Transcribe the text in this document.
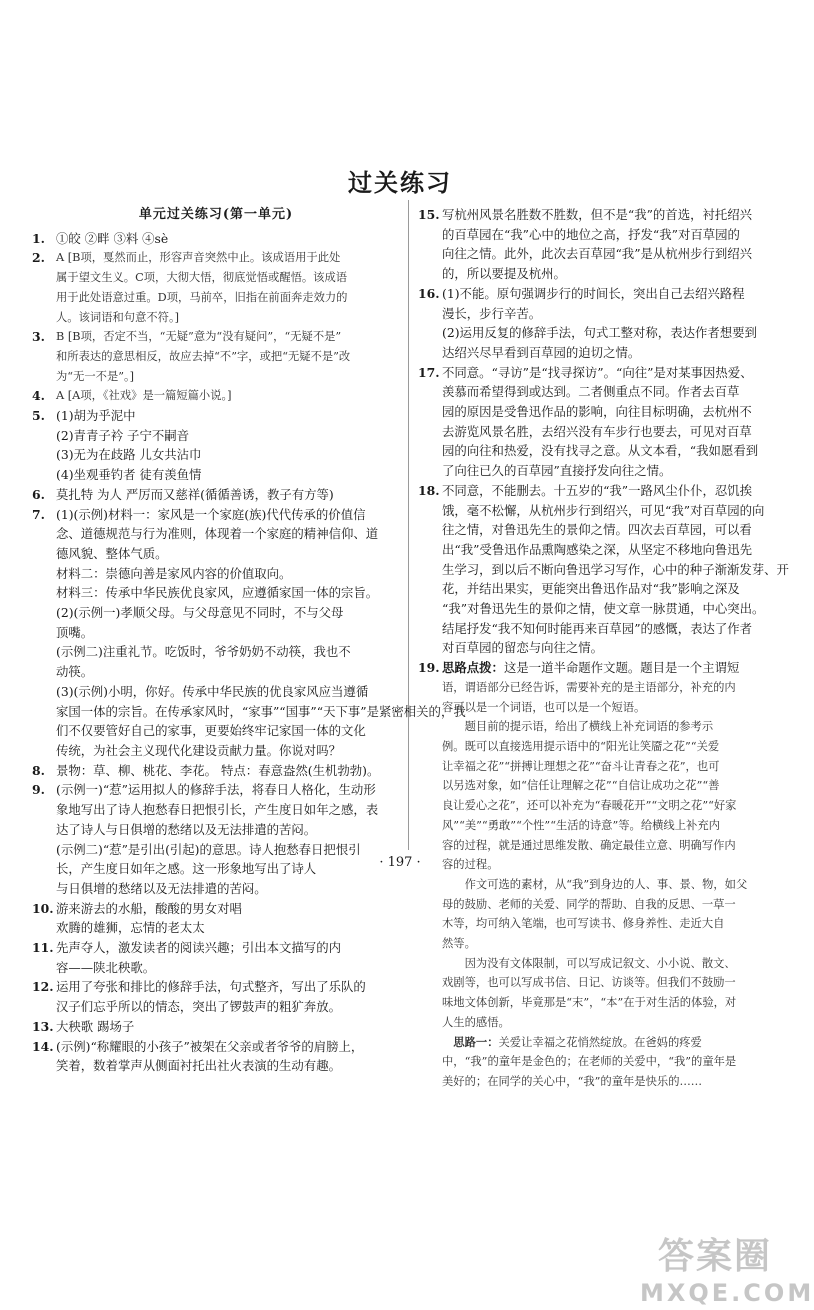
过关练习
单元过关练习(第一单元)
1. ①皎 ②畔 ③料 ④sè
2. A [B项，戛然而止，形容声音突然中止。该成语用于此处
属于望文生义。C项，大彻大悟，彻底觉悟或醒悟。该成语
用于此处语意过重。D项，马前卒，旧指在前面奔走效力的
人。该词语和句意不符。]
3. B [B项，否定不当，“无疑”意为“没有疑问”，“无疑不是”
和所表达的意思相反，故应去掉“不”字，或把“无疑不是”改
为“无一不是”。]
4. A [A项，《社戏》是一篇短篇小说。]
5. (1)胡为乎泥中
(2)青青子衿 子宁不嗣音
(3)无为在歧路 儿女共沾巾
(4)坐观垂钓者 徒有羡鱼情
6. 莫扎特 为人 严厉而又慈祥(循循善诱，教子有方等)
7. (1)(示例)材料一：家风是一个家庭(族)代代传承的价值信
念、道德规范与行为准则，体现着一个家庭的精神信仰、道
德风貌、整体气质。
材料二：崇德向善是家风内容的价值取向。
材料三：传承中华民族优良家风，应遵循家国一体的宗旨。
(2)(示例一)孝顺父母。与父母意见不同时，不与父母
顶嘴。
(示例二)注重礼节。吃饭时，爷爷奶奶不动筷，我也不
动筷。
(3)(示例)小明，你好。传承中华民族的优良家风应当遵循
家国一体的宗旨。在传承家风时，“家事”“国事”“天下事”是紧密相关的，我
们不仅要管好自己的家事，更要始终牢记家国一体的文化
传统，为社会主义现代化建设贡献力量。你说对吗？
8. 景物：草、柳、桃花、李花。 特点：春意盎然(生机勃勃)。
9. (示例一)“惹”运用拟人的修辞手法，将春日人格化，生动形
象地写出了诗人抱愁春日把恨引长，产生度日如年之感，表
达了诗人与日俱增的愁绪以及无法排遣的苦闷。
(示例二)“惹”是引出(引起)的意思。诗人抱愁春日把恨引
长，产生度日如年之感。这一形象地写出了诗人
与日俱增的愁绪以及无法排遣的苦闷。
10. 游来游去的水船，酸酸的男女对唱
欢腾的雄狮，忘情的老太太
11. 先声夺人，激发读者的阅读兴趣；引出本文描写的内
容——陕北秧歌。
12. 运用了夸张和排比的修辞手法，句式整齐，写出了乐队的
汉子们忘乎所以的情态，突出了锣鼓声的粗犷奔放。
13. 大秧歌 踢场子
14. (示例)“称耀眼的小孩子”被架在父亲或者爷爷的肩膀上，
笑着，数着掌声从侧面衬托出社火表演的生动有趣。
15. 写杭州风景名胜数不胜数，但不是“我”的首选，衬托绍兴
的百草园在“我”心中的地位之高，抒发“我”对百草园的
向往之情。此外，此次去百草园“我”是从杭州步行到绍兴
的，所以要提及杭州。
16. (1)不能。原句强调步行的时间长，突出自己去绍兴路程
漫长，步行辛苦。
(2)运用反复的修辞手法，句式工整对称，表达作者想要到
达绍兴尽早看到百草园的迫切之情。
17. 不同意。“寻访”是“找寻探访”。“向往”是对某事因热爱、
羡慕而希望得到或达到。二者侧重点不同。作者去百草
园的原因是受鲁迅作品的影响，向往目标明确，去杭州不
去游览风景名胜，去绍兴没有车步行也要去，可见对百草
园的向往和热爱，没有找寻之意。从文本看，“我如愿看到
了向往已久的百草园”直接抒发向往之情。
18. 不同意，不能删去。十五岁的“我”一路风尘仆仆，忍饥挨
饿，毫不松懈，从杭州步行到绍兴，可见“我”对百草园的向
往之情，对鲁迅先生的景仰之情。四次去百草园，可以看
出“我”受鲁迅作品熏陶感染之深，从坚定不移地向鲁迅先
生学习，到以后不断向鲁迅学习写作，心中的种子渐渐发芽、开
花，并结出果实，更能突出鲁迅作品对“我”影响之深及
“我”对鲁迅先生的景仰之情，使文章一脉贯通，中心突出。
结尾抒发“我不知何时能再来百草园”的感慨，表达了作者
对百草园的留恋与向往之情。
19. 思路点拨：这是一道半命题作文题。题目是一个主谓短
语，谓语部分已经告诉，需要补充的是主语部分，补充的内
容可以是一个词语，也可以是一个短语。
　　题目前的提示语，给出了横线上补充词语的参考示
例。既可以直接选用提示语中的“阳光让笑靥之花”“关爱
让幸福之花”“拼搏让理想之花”“奋斗让青春之花”，也可
以另选对象，如“信任让理解之花”“自信让成功之花”“善
良让爱心之花”，还可以补充为“春暖花开”“文明之花”“好家
风”“美”“勇敢”“个性”“生活的诗意”等。给横线上补充内
容的过程，就是通过思维发散、确定最佳立意、明确写作内
容的过程。
　　作文可选的素材，从“我”到身边的人、事、景、物，如父
母的鼓励、老师的关爱、同学的帮助、自我的反思、一草一
木等，均可纳入笔端，也可写读书、修身养性、走近大自
然等。
　　因为没有文体限制，可以写成记叙文、小小说、散文、
戏剧等，也可以写成书信、日记、访谈等。但我们不鼓励一
味地文体创新，毕竟那是“末”，“本”在于对生活的体验，对
人生的感悟。
　思路一：关爱让幸福之花悄然绽放。在爸妈的疼爱
中，“我”的童年是金色的；在老师的关爱中，“我”的童年是
美好的；在同学的关心中，“我”的童年是快乐的……
· 197 ·
答案圈
MXQE.COM
